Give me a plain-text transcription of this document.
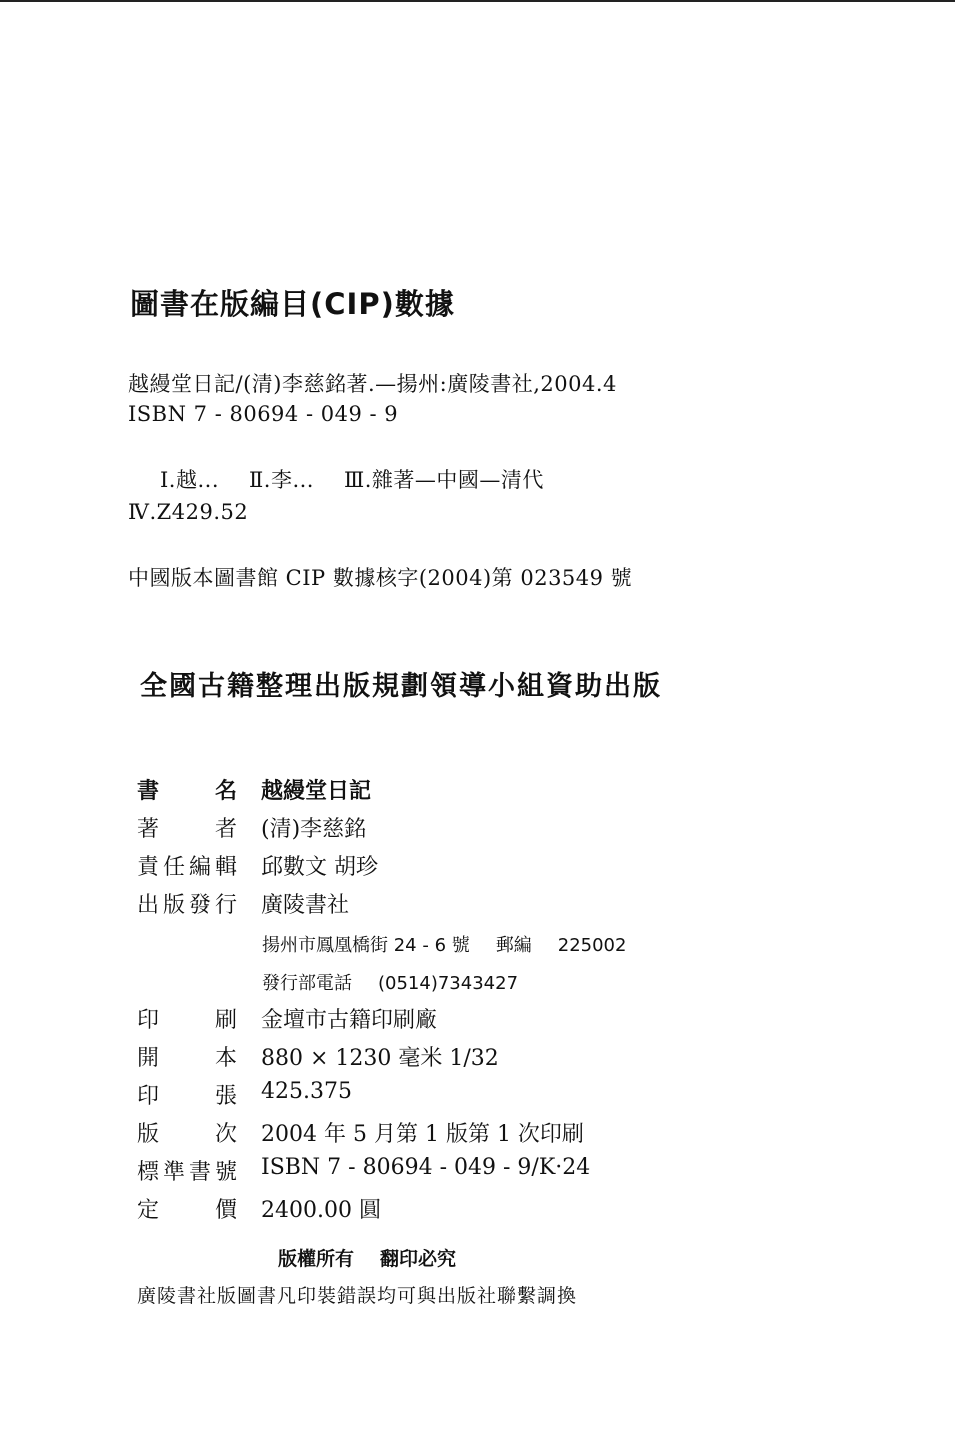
圖書在版編目(CIP)數據
越縵堂日記/(清)李慈銘著.—揚州:廣陵書社,2004.4
ISBN 7 - 80694 - 049 - 9
Ⅰ.越... Ⅱ.李... Ⅲ.雜著—中國—清代
Ⅳ.Z429.52
中國版本圖書館 CIP 數據核字(2004)第 023549 號
全國古籍整理出版規劃領導小組資助出版
書名 越縵堂日記
著者 (清)李慈銘
責任編輯 邱數文 胡珍
出版發行 廣陵書社
揚州市鳳凰橋街 24 - 6 號 郵編 225002
發行部電話 (0514)7343427
印刷 金壇市古籍印刷廠
開本 880 × 1230 毫米 1/32
印張 425.375
版次 2004 年 5 月第 1 版第 1 次印刷
標準書號 ISBN 7 - 80694 - 049 - 9/K·24
定價 2400.00 圓
版權所有 翻印必究
廣陵書社版圖書凡印裝錯誤均可與出版社聯繫調換
